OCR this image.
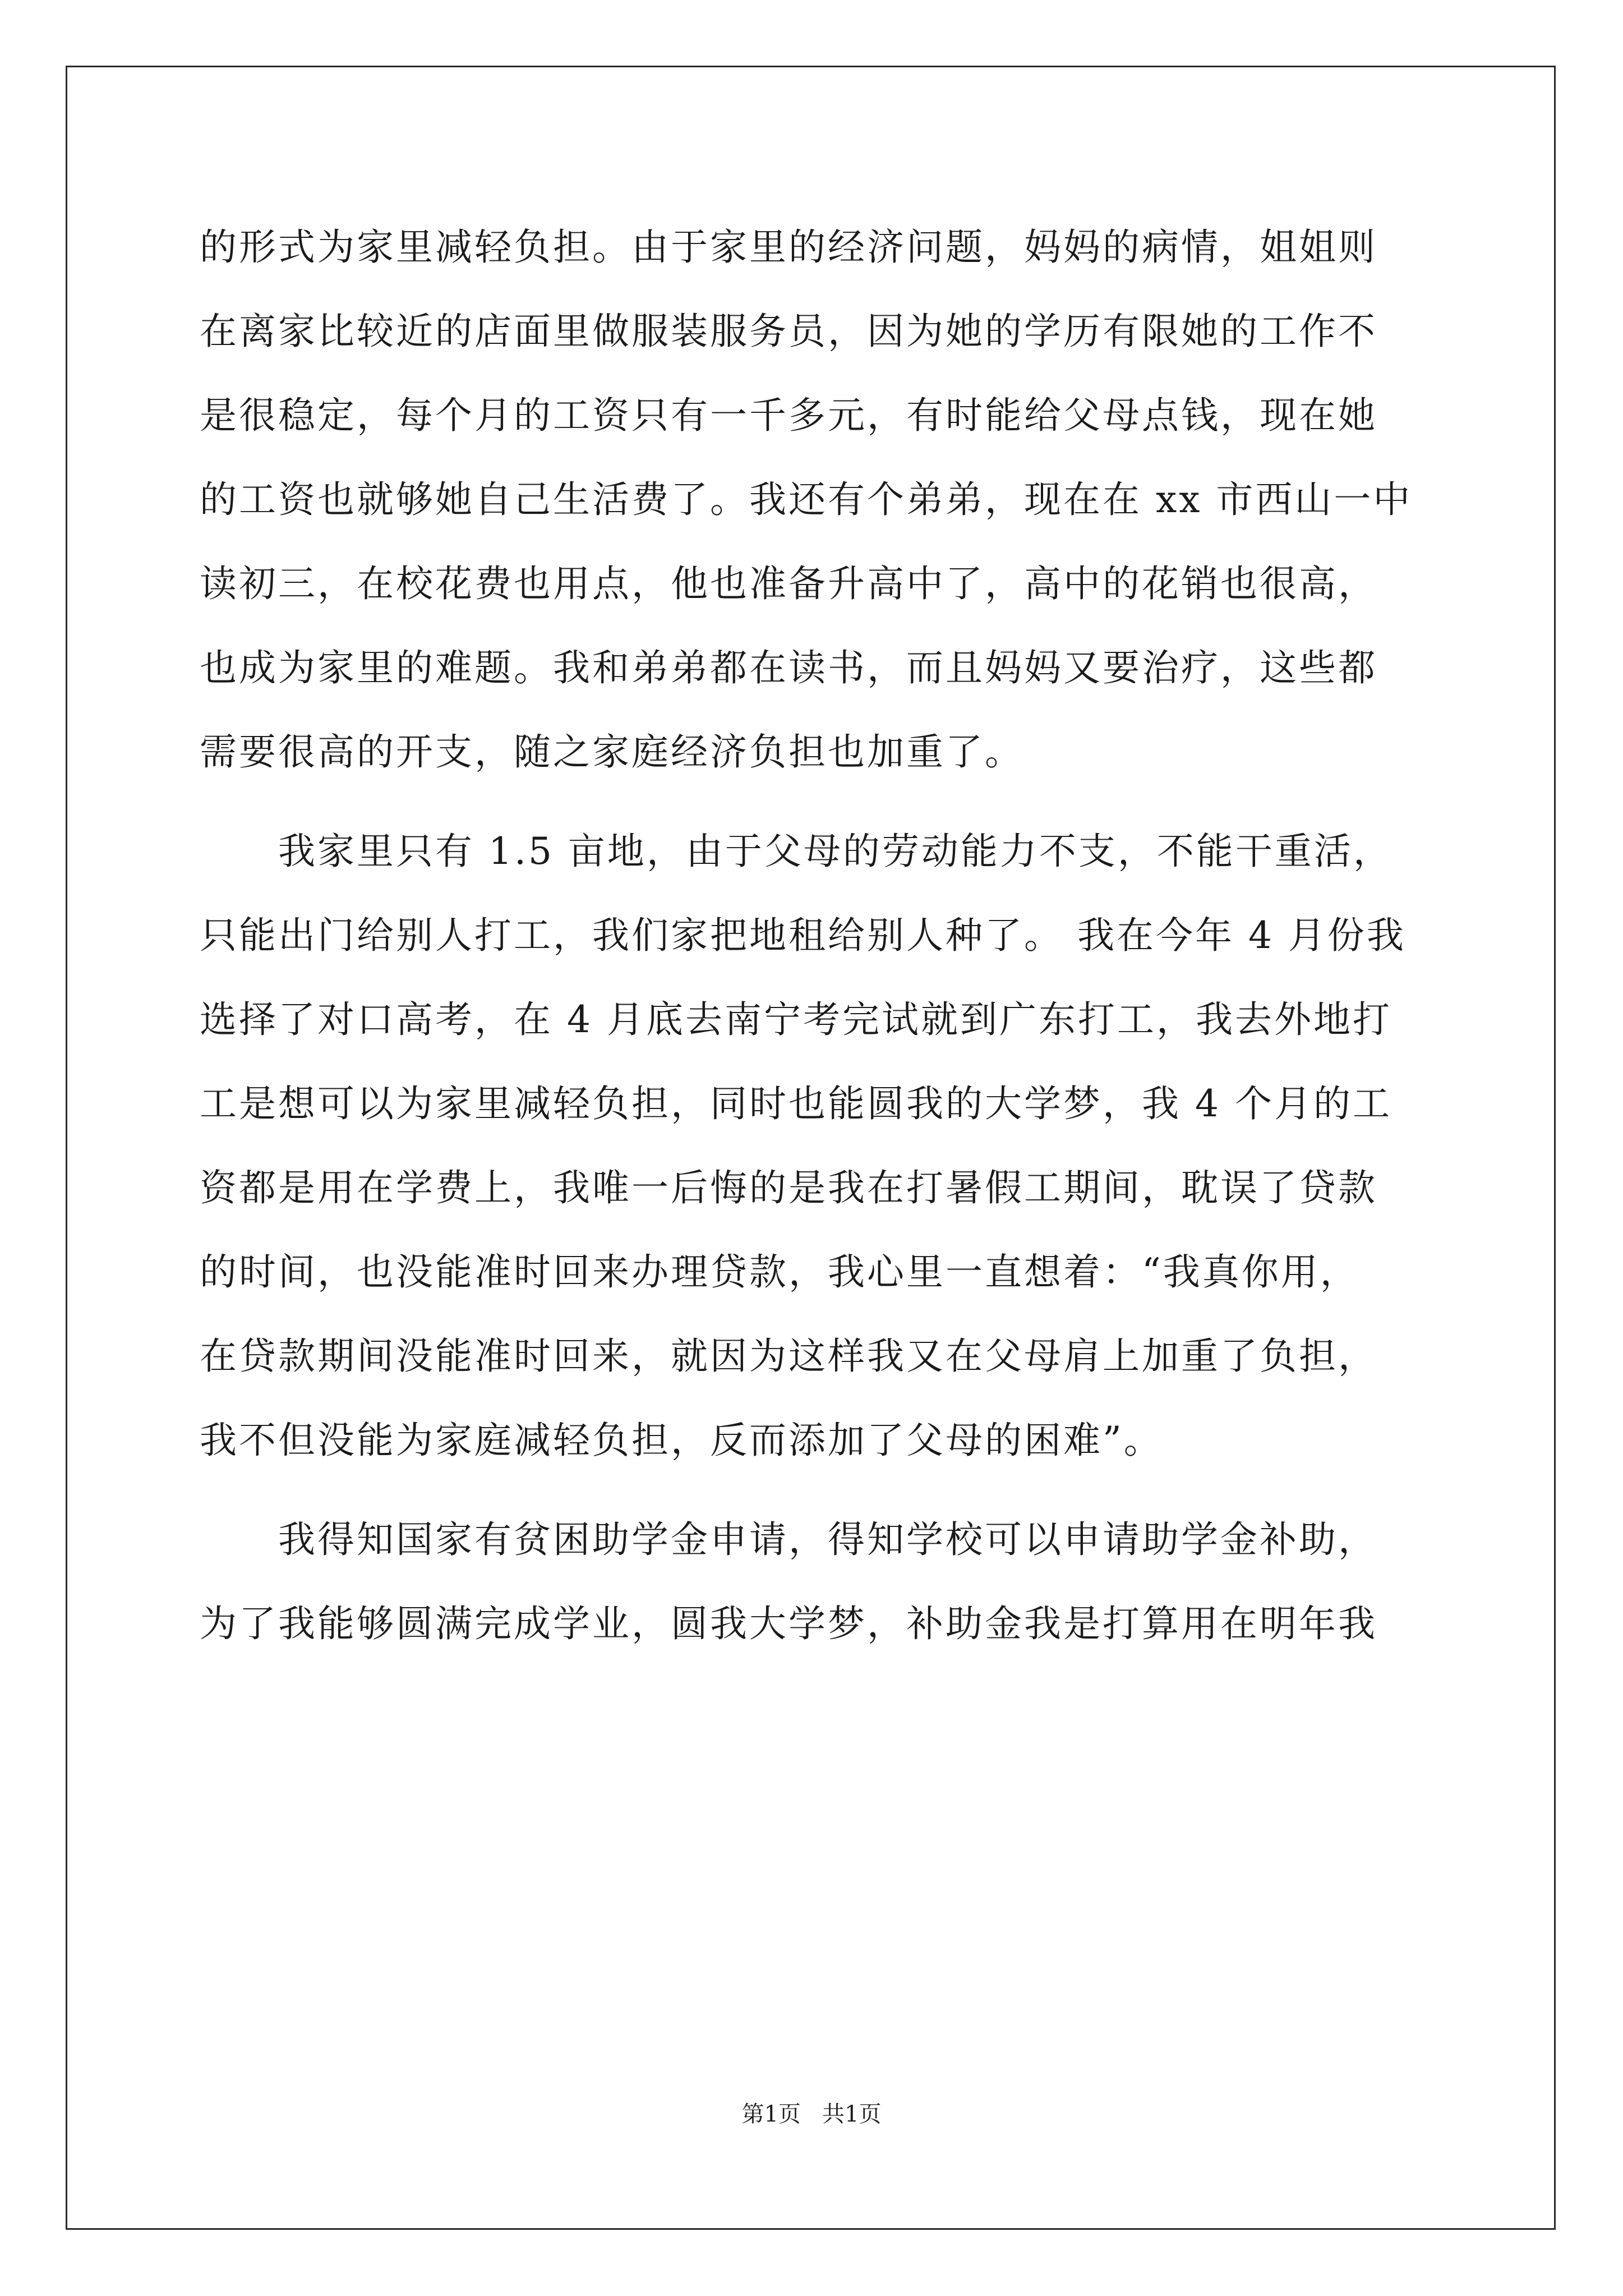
的形式为家里减轻负担。由于家里的经济问题，妈妈的病情，姐姐则
在离家比较近的店面里做服装服务员，因为她的学历有限她的工作不
是很稳定，每个月的工资只有一千多元，有时能给父母点钱，现在她
的工资也就够她自己生活费了。我还有个弟弟，现在在 xx 市西山一中
读初三，在校花费也用点，他也准备升高中了，高中的花销也很高，
也成为家里的难题。我和弟弟都在读书，而且妈妈又要治疗，这些都
需要很高的开支，随之家庭经济负担也加重了。
我家里只有 1.5 亩地，由于父母的劳动能力不支，不能干重活，
只能出门给别人打工，我们家把地租给别人种了。 我在今年 4 月份我
选择了对口高考，在 4 月底去南宁考完试就到广东打工，我去外地打
工是想可以为家里减轻负担，同时也能圆我的大学梦，我 4 个月的工
资都是用在学费上，我唯一后悔的是我在打暑假工期间，耽误了贷款
的时间，也没能准时回来办理贷款，我心里一直想着：“我真你用，
在贷款期间没能准时回来，就因为这样我又在父母肩上加重了负担，
我不但没能为家庭减轻负担，反而添加了父母的困难”。
我得知国家有贫困助学金申请，得知学校可以申请助学金补助，
为了我能够圆满完成学业，圆我大学梦，补助金我是打算用在明年我
第1页   共1页
